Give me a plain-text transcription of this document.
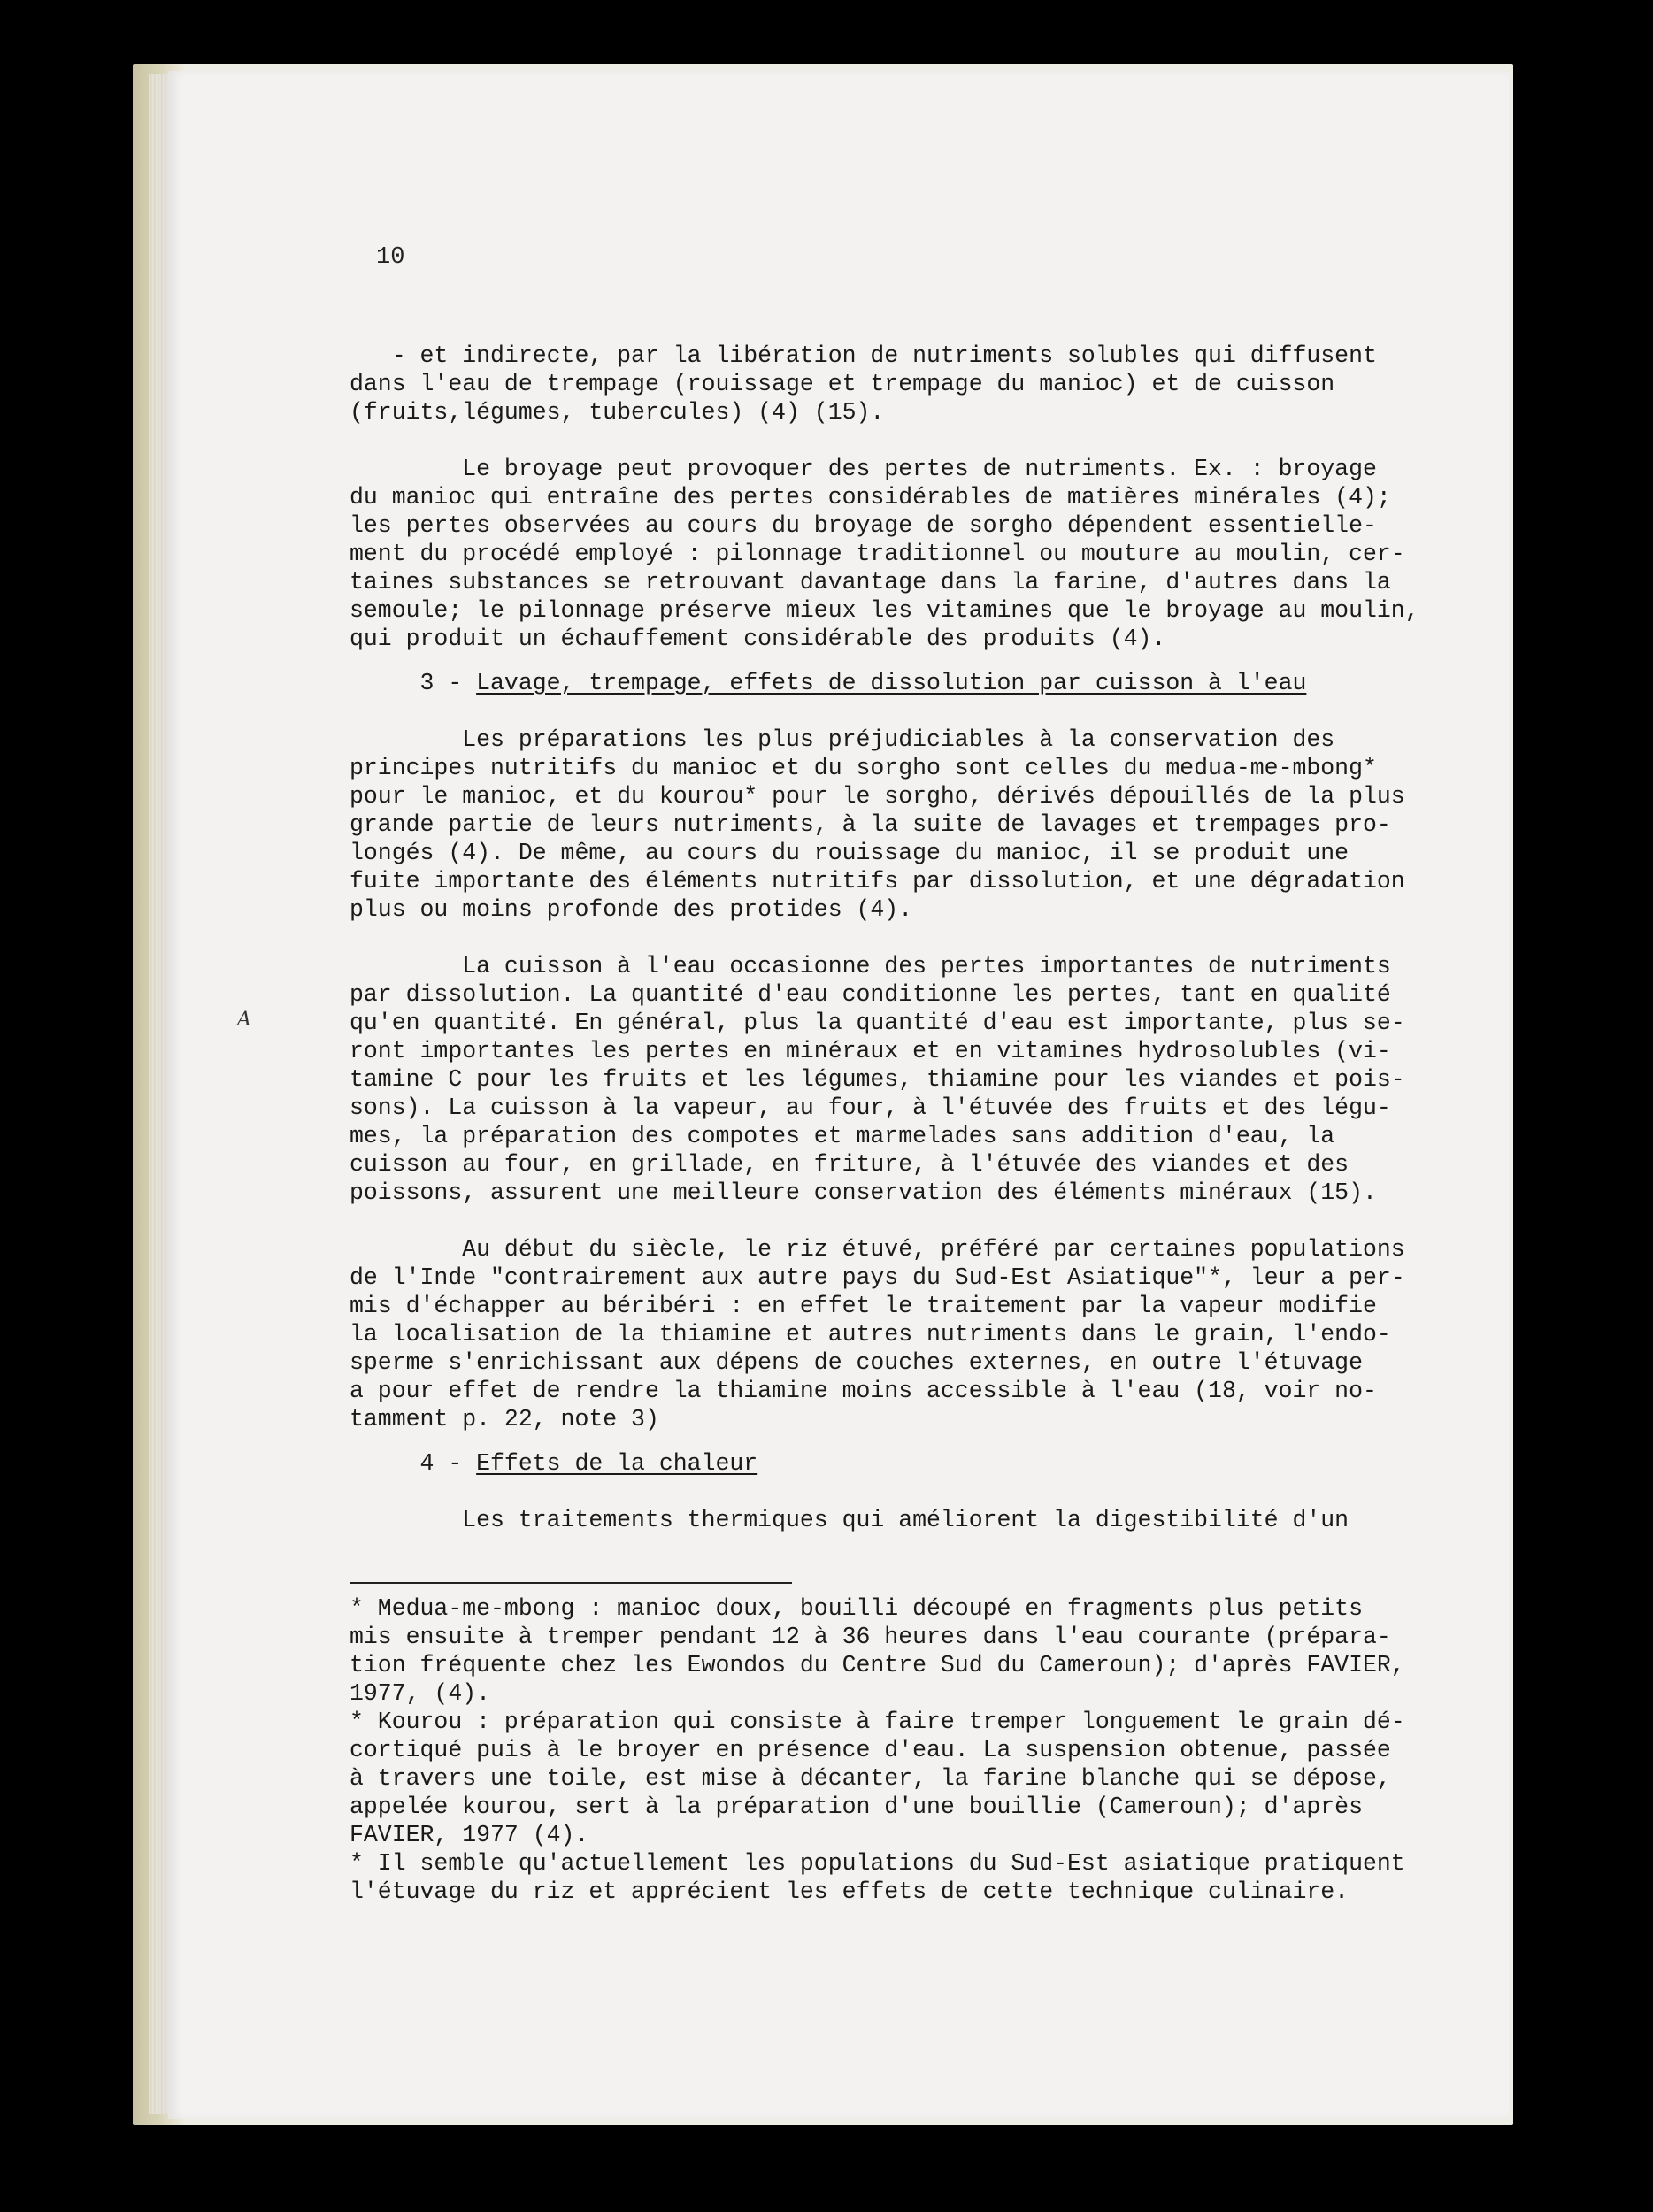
10
A

- et indirecte, par la libération de nutriments solubles qui diffusent

dans l'eau de trempage (rouissage et trempage du manioc) et de cuisson

(fruits,légumes, tubercules) (4) (15).

Le broyage peut provoquer des pertes de nutriments. Ex. : broyage

du manioc qui entraîne des pertes considérables de matières minérales (4);

les pertes observées au cours du broyage de sorgho dépendent essentielle-

ment du procédé employé : pilonnage traditionnel ou mouture au moulin, cer-

taines substances se retrouvant davantage dans la farine, d'autres dans la

semoule; le pilonnage préserve mieux les vitamines que le broyage au moulin,

qui produit un échauffement considérable des produits (4).

3 - Lavage, trempage, effets de dissolution par cuisson à l'eau

Les préparations les plus préjudiciables à la conservation des

principes nutritifs du manioc et du sorgho sont celles du medua-me-mbong*

pour le manioc, et du kourou* pour le sorgho, dérivés dépouillés de la plus

grande partie de leurs nutriments, à la suite de lavages et trempages pro-

longés (4). De même, au cours du rouissage du manioc, il se produit une

fuite importante des éléments nutritifs par dissolution, et une dégradation

plus ou moins profonde des protides (4).

La cuisson à l'eau occasionne des pertes importantes de nutriments

par dissolution. La quantité d'eau conditionne les pertes, tant en qualité

qu'en quantité. En général, plus la quantité d'eau est importante, plus se-

ront importantes les pertes en minéraux et en vitamines hydrosolubles (vi-

tamine C pour les fruits et les légumes, thiamine pour les viandes et pois-

sons). La cuisson à la vapeur, au four, à l'étuvée des fruits et des légu-

mes, la préparation des compotes et marmelades sans addition d'eau, la

cuisson au four, en grillade, en friture, à l'étuvée des viandes et des

poissons, assurent une meilleure conservation des éléments minéraux (15).

Au début du siècle, le riz étuvé, préféré par certaines populations

de l'Inde "contrairement aux autre pays du Sud-Est Asiatique"*, leur a per-

mis d'échapper au béribéri : en effet le traitement par la vapeur modifie

la localisation de la thiamine et autres nutriments dans le grain, l'endo-

sperme s'enrichissant aux dépens de couches externes, en outre l'étuvage

a pour effet de rendre la thiamine moins accessible à l'eau (18, voir no-

tamment p. 22, note 3)

4 - Effets de la chaleur

Les traitements thermiques qui améliorent la digestibilité d'un

* Medua-me-mbong : manioc doux, bouilli découpé en fragments plus petits

mis ensuite à tremper pendant 12 à 36 heures dans l'eau courante (prépara-

tion fréquente chez les Ewondos du Centre Sud du Cameroun); d'après FAVIER,

1977, (4).

* Kourou : préparation qui consiste à faire tremper longuement le grain dé-

cortiqué puis à le broyer en présence d'eau. La suspension obtenue, passée

à travers une toile, est mise à décanter, la farine blanche qui se dépose,

appelée kourou, sert à la préparation d'une bouillie (Cameroun); d'après

FAVIER, 1977 (4).

* Il semble qu'actuellement les populations du Sud-Est asiatique pratiquent

l'étuvage du riz et apprécient les effets de cette technique culinaire.
